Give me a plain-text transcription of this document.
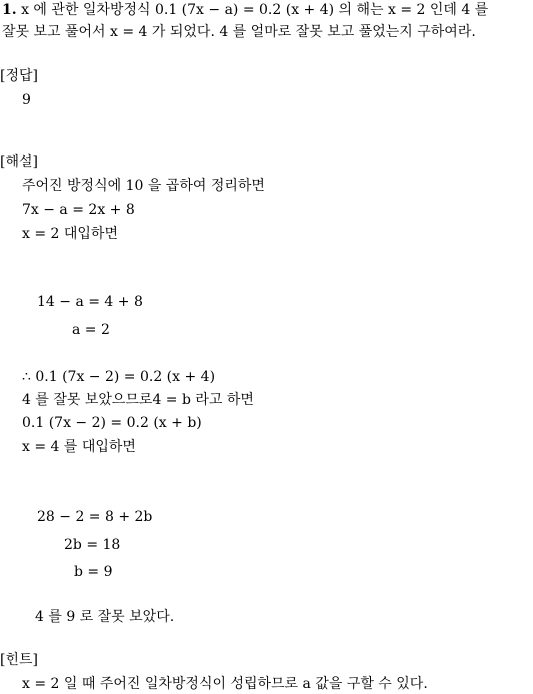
1. x 에 관한 일차방정식 0.1 (7x − a) = 0.2 (x + 4) 의 해는 x = 2 인데 4 를
잘못 보고 풀어서 x = 4 가 되었다. 4 를 얼마로 잘못 보고 풀었는지 구하여라.
[정답]
9
[해설]
주어진 방정식에 10 을 곱하여 정리하면
7x − a = 2x + 8
x = 2 대입하면
14 − a = 4 + 8
a = 2
∴ 0.1 (7x − 2) = 0.2 (x + 4)
4 를 잘못 보았으므로4 = b 라고 하면
0.1 (7x − 2) = 0.2 (x + b)
x = 4 를 대입하면
28 − 2 = 8 + 2b
2b = 18
b = 9
4 를 9 로 잘못 보았다.
[힌트]
x = 2 일 때 주어진 일차방정식이 성립하므로 a 값을 구할 수 있다.
